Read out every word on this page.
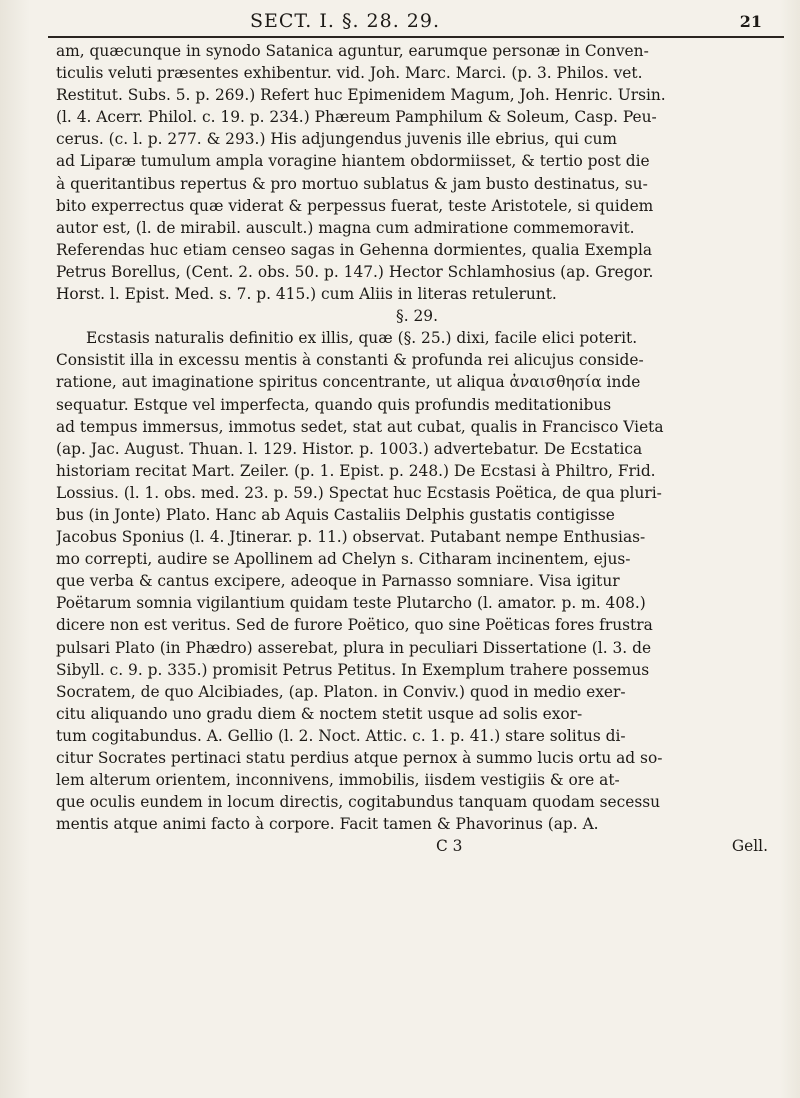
SECT. I. §. 28. 29.	21
am, quæcunque in synodo Satanica aguntur, earumque personæ in Conven-
ticulis veluti præsentes exhibentur. vid. Joh. Marc. Marci. (p. 3. Philos. vet.
Restitut. Subs. 5. p. 269.) Refert huc Epimenidem Magum, Joh. Henric. Ursin.
(l. 4. Acerr. Philol. c. 19. p. 234.) Phæreum Pamphilum & Soleum, Casp. Peu-
cerus. (c. l. p. 277. & 293.) His adjungendus juvenis ille ebrius, qui cum
ad Liparæ tumulum ampla voragine hiantem obdormiisset, & tertio post die
à queritantibus repertus & pro mortuo sublatus & jam busto destinatus, su-
bito experrectus quæ viderat & perpessus fuerat, teste Aristotele, si quidem
autor est, (l. de mirabil. auscult.) magna cum admiratione commemoravit.
Referendas huc etiam censeo sagas in Gehenna dormientes, qualia Exempla
Petrus Borellus, (Cent. 2. obs. 50. p. 147.) Hector Schlamhosius (ap. Gregor.
Horst. l. Epist. Med. s. 7. p. 415.) cum Aliis in literas retulerunt.
§. 29.
Ecstasis naturalis definitio ex illis, quæ (§. 25.) dixi, facile elici poterit.
Consistit illa in excessu mentis à constanti & profunda rei alicujus conside-
ratione, aut imaginatione spiritus concentrante, ut aliqua ἀναισθησία inde
sequatur. Estque vel imperfecta, quando quis profundis meditationibus
ad tempus immersus, immotus sedet, stat aut cubat, qualis in Francisco Vieta
(ap. Jac. August. Thuan. l. 129. Histor. p. 1003.) advertebatur. De Ecstatica
historiam recitat Mart. Zeiler. (p. 1. Epist. p. 248.) De Ecstasi à Philtro, Frid.
Lossius. (l. 1. obs. med. 23. p. 59.) Spectat huc Ecstasis Poëtica, de qua pluri-
bus (in Jonte) Plato. Hanc ab Aquis Castaliis Delphis gustatis contigisse
Jacobus Sponius (l. 4. Jtinerar. p. 11.) observat. Putabant nempe Enthusias-
mo correpti, audire se Apollinem ad Chelyn s. Citharam incinentem, ejus-
que verba & cantus excipere, adeoque in Parnasso somniare. Visa igitur
Poëtarum somnia vigilantium quidam teste Plutarcho (l. amator. p. m. 408.)
dicere non est veritus. Sed de furore Poëtico, quo sine Poëticas fores frustra
pulsari Plato (in Phædro) asserebat, plura in peculiari Dissertatione (l. 3. de
Sibyll. c. 9. p. 335.) promisit Petrus Petitus. In Exemplum trahere possemus
Socratem, de quo Alcibiades, (ap. Platon. in Conviv.) quod in medio exer-
citu aliquando uno gradu diem & noctem stetit usque ad solis exor-
tum cogitabundus. A. Gellio (l. 2. Noct. Attic. c. 1. p. 41.) stare solitus di-
citur Socrates pertinaci statu perdius atque pernox à summo lucis ortu ad so-
lem alterum orientem, inconnivens, immobilis, iisdem vestigiis & ore at-
que oculis eundem in locum directis, cogitabundus tanquam quodam secessu
mentis atque animi facto à corpore. Facit tamen & Phavorinus (ap. A.
C 3	Gell.
